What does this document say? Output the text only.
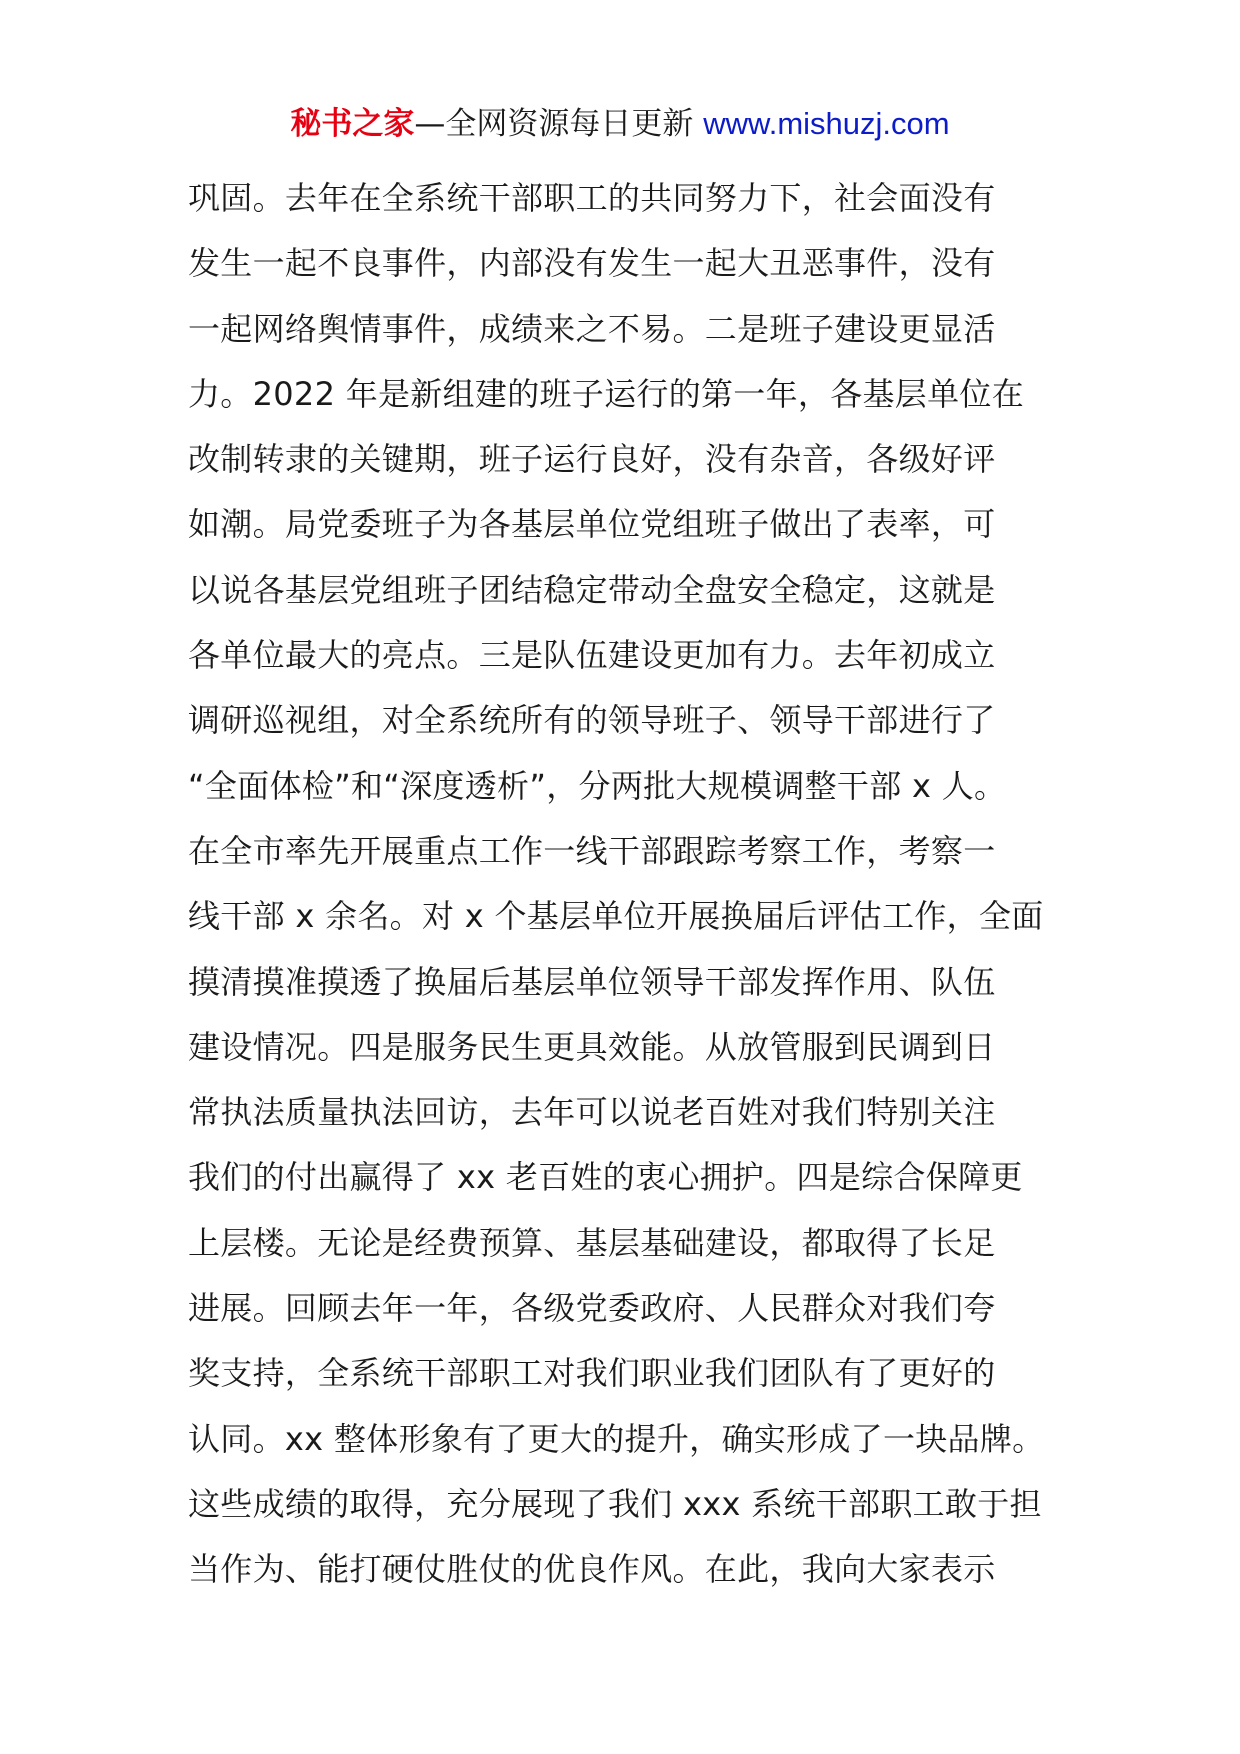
秘书之家—全网资源每日更新 www.mishuzj.com
巩固。去年在全系统干部职工的共同努力下，社会面没有
发生一起不良事件，内部没有发生一起大丑恶事件，没有
一起网络舆情事件，成绩来之不易。二是班子建设更显活
力。2022 年是新组建的班子运行的第一年，各基层单位在
改制转隶的关键期，班子运行良好，没有杂音，各级好评
如潮。局党委班子为各基层单位党组班子做出了表率，可
以说各基层党组班子团结稳定带动全盘安全稳定，这就是
各单位最大的亮点。三是队伍建设更加有力。去年初成立
调研巡视组，对全系统所有的领导班子、领导干部进行了
“全面体检”和“深度透析”，分两批大规模调整干部 x 人。
在全市率先开展重点工作一线干部跟踪考察工作，考察一
线干部 x 余名。对 x 个基层单位开展换届后评估工作，全面
摸清摸准摸透了换届后基层单位领导干部发挥作用、队伍
建设情况。四是服务民生更具效能。从放管服到民调到日
常执法质量执法回访，去年可以说老百姓对我们特别关注
我们的付出赢得了 xx 老百姓的衷心拥护。四是综合保障更
上层楼。无论是经费预算、基层基础建设，都取得了长足
进展。回顾去年一年，各级党委政府、人民群众对我们夸
奖支持，全系统干部职工对我们职业我们团队有了更好的
认同。xx 整体形象有了更大的提升，确实形成了一块品牌。
这些成绩的取得，充分展现了我们 xxx 系统干部职工敢于担
当作为、能打硬仗胜仗的优良作风。在此，我向大家表示
